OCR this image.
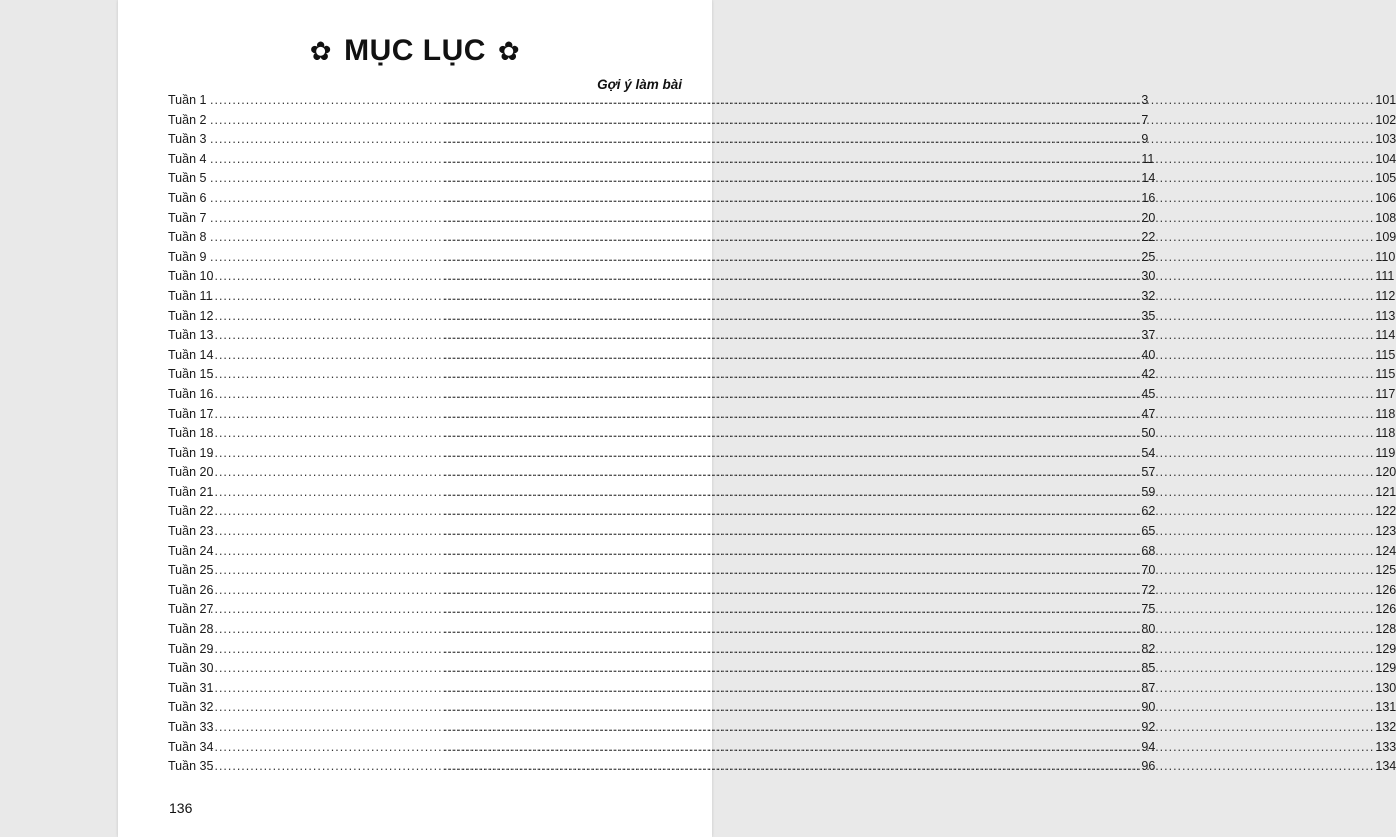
✿ MỤC LỤC ✿
Gợi ý làm bài
Tuần 1 .....	3 .....	101
Tuần 2 .....	7 .....	102
Tuần 3 .....	9 .....	103
Tuần 4 .....	11 .....	104
Tuần 5 .....	14 .....	105
Tuần 6 .....	16 .....	106
Tuần 7 .....	20 .....	108
Tuần 8 .....	22 .....	109
Tuần 9 .....	25 .....	110
Tuần 10 .....	30 .....	111
Tuần 11 .....	32 .....	112
Tuần 12 .....	35 .....	113
Tuần 13 .....	37 .....	114
Tuần 14 .....	40 .....	115
Tuần 15 .....	42 .....	115
Tuần 16 .....	45 .....	117
Tuần 17 .....	47 .....	118
Tuần 18 .....	50 .....	118
Tuần 19 .....	54 .....	119
Tuần 20 .....	57 .....	120
Tuần 21 .....	59 .....	121
Tuần 22 .....	62 .....	122
Tuần 23 .....	65 .....	123
Tuần 24 .....	68 .....	124
Tuần 25 .....	70 .....	125
Tuần 26 .....	72 .....	126
Tuần 27 .....	75 .....	126
Tuần 28 .....	80 .....	128
Tuần 29 .....	82 .....	129
Tuần 30 .....	85 .....	129
Tuần 31 .....	87 .....	130
Tuần 32 .....	90 .....	131
Tuần 33 .....	92 .....	132
Tuần 34 .....	94 .....	133
Tuần 35 .....	96 .....	134
136
